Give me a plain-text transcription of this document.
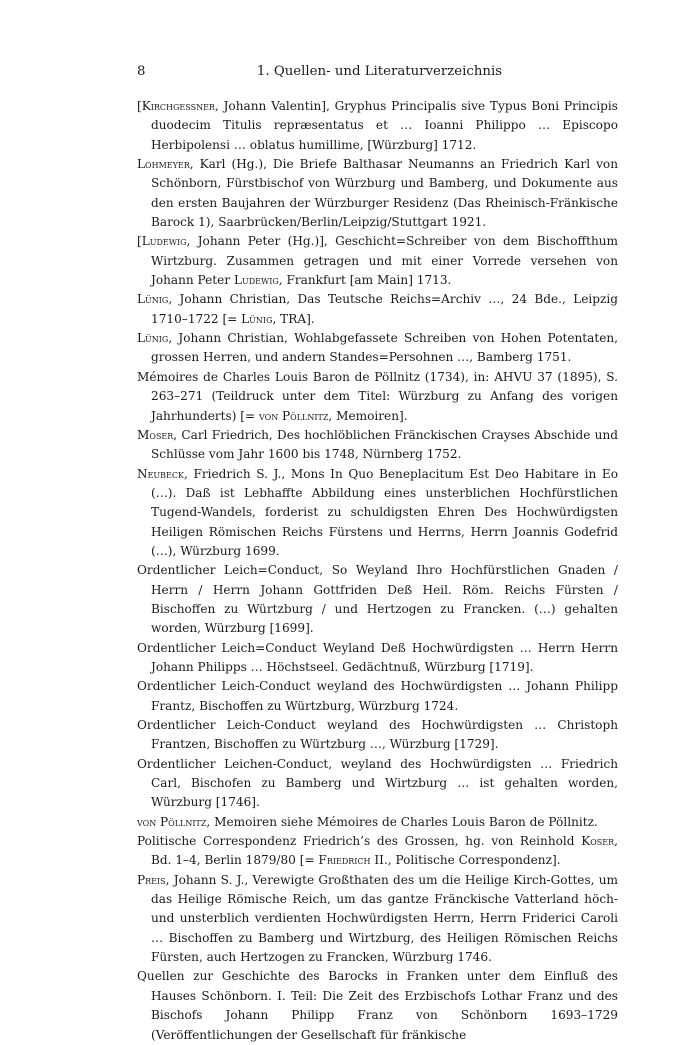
8	1. Quellen- und Literaturverzeichnis

[Kirchgessner, Johann Valentin], Gryphus Principalis sive Typus Boni Principis duodecim Titulis repræsentatus et … Ioanni Philippo … Episcopo Herbipolensi … oblatus humillime, [Würzburg] 1712.

Lohmeyer, Karl (Hg.), Die Briefe Balthasar Neumanns an Friedrich Karl von Schönborn, Fürstbischof von Würzburg und Bamberg, und Dokumente aus den ersten Baujahren der Würzburger Residenz (Das Rheinisch-Fränkische Barock 1), Saarbrücken/Berlin/Leipzig/Stuttgart 1921.

[Ludewig, Johann Peter (Hg.)], Geschicht=Schreiber von dem Bischoffthum Wirtzburg. Zusammen getragen und mit einer Vorrede versehen von Johann Peter Ludewig, Frankfurt [am Main] 1713.

Lünig, Johann Christian, Das Teutsche Reichs=Archiv …, 24 Bde., Leipzig 1710–1722 [= Lünig, TRA].

Lünig, Johann Christian, Wohlabgefassete Schreiben von Hohen Potentaten, grossen Herren, und andern Standes=Persohnen …, Bamberg 1751.

Mémoires de Charles Louis Baron de Pöllnitz (1734), in: AHVU 37 (1895), S. 263–271 (Teildruck unter dem Titel: Würzburg zu Anfang des vorigen Jahrhunderts) [= von Pöllnitz, Memoiren].

Moser, Carl Friedrich, Des hochlöblichen Fränckischen Crayses Abschide und Schlüsse vom Jahr 1600 bis 1748, Nürnberg 1752.

Neubeck, Friedrich S. J., Mons In Quo Beneplacitum Est Deo Habitare in Eo (…). Daß ist Lebhaffte Abbildung eines unsterblichen Hochfürstlichen Tugend-Wandels, forderist zu schuldigsten Ehren Des Hochwürdigsten Heiligen Römischen Reichs Fürstens und Herrns, Herrn Joannis Godefrid (…), Würzburg 1699.

Ordentlicher Leich=Conduct, So Weyland Ihro Hochfürstlichen Gnaden / Herrn / Herrn Johann Gottfriden Deß Heil. Röm. Reichs Fürsten / Bischoffen zu Würtzburg / und Hertzogen zu Francken. (…) gehalten worden, Würzburg [1699].

Ordentlicher Leich=Conduct Weyland Deß Hochwürdigsten … Herrn Herrn Johann Philipps … Höchstseel. Gedächtnuß, Würzburg [1719].

Ordentlicher Leich-Conduct weyland des Hochwürdigsten … Johann Philipp Frantz, Bischoffen zu Würtzburg, Würzburg 1724.

Ordentlicher Leich-Conduct weyland des Hochwürdigsten … Christoph Frantzen, Bischoffen zu Würtzburg …, Würzburg [1729].

Ordentlicher Leichen-Conduct, weyland des Hochwürdigsten … Friedrich Carl, Bischofen zu Bamberg und Wirtzburg … ist gehalten worden, Würzburg [1746].

von Pöllnitz, Memoiren siehe Mémoires de Charles Louis Baron de Pöllnitz.

Politische Correspondenz Friedrich’s des Grossen, hg. von Reinhold Koser, Bd. 1–4, Berlin 1879/80 [= Friedrich II., Politische Correspondenz].

Preis, Johann S. J., Verewigte Großthaten des um die Heilige Kirch-Gottes, um das Heilige Römische Reich, um das gantze Fränckische Vatterland höch- und unsterblich verdienten Hochwürdigsten Herrn, Herrn Friderici Caroli … Bischoffen zu Bamberg und Wirtzburg, des Heiligen Römischen Reichs Fürsten, auch Hertzogen zu Francken, Würzburg 1746.

Quellen zur Geschichte des Barocks in Franken unter dem Einfluß des Hauses Schönborn. I. Teil: Die Zeit des Erzbischofs Lothar Franz und des Bischofs Johann Philipp Franz von Schönborn 1693–1729 (Veröffentlichungen der Gesellschaft für fränkische
